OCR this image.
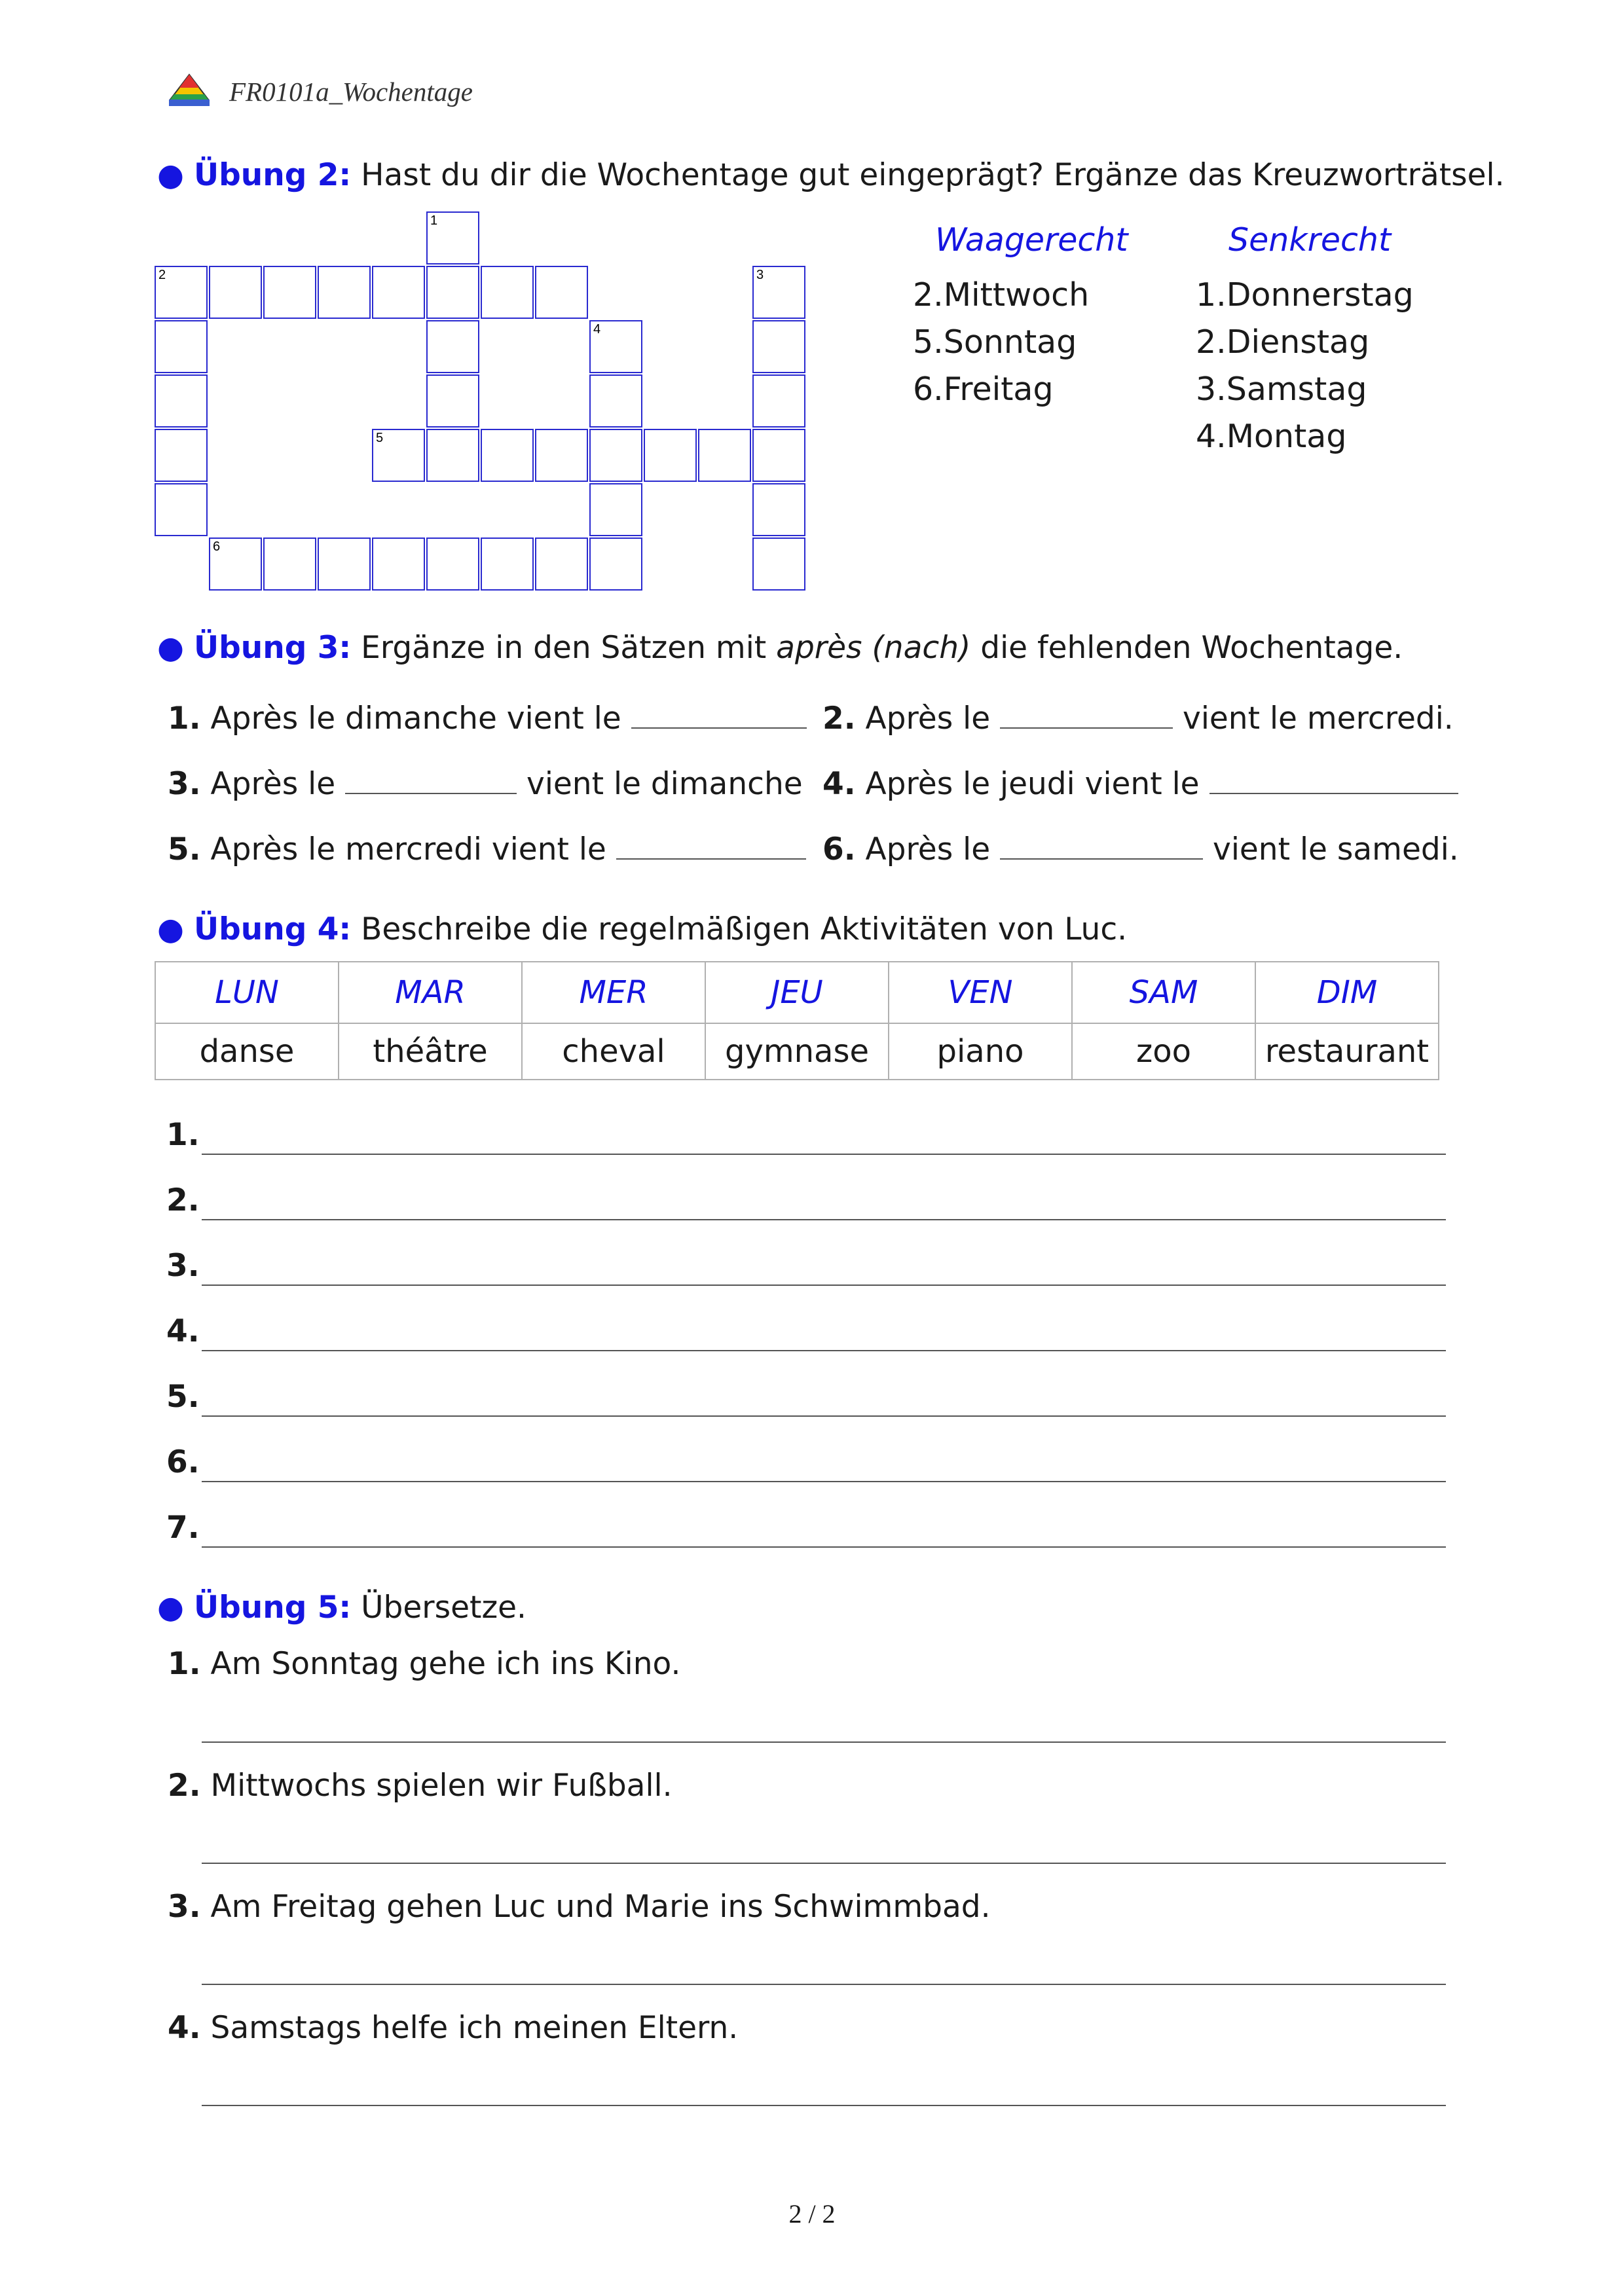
FR0101a_Wochentage
● Übung 2: Hast du dir die Wochentage gut eingeprägt? Ergänze das Kreuzworträtsel.
2
1
3
4
5
6
Waagerecht	Senkrecht
2.Mittwoch
5.Sonntag
6.Freitag
1.Donnerstag
2.Dienstag
3.Samstag
4.Montag
● Übung 3: Ergänze in den Sätzen mit après (nach) die fehlenden Wochentage.
1. Après le dimanche vient le	2. Après le	vient le mercredi.
3. Après le	vient le dimanche 4. Après le jeudi vient le
5. Après le mercredi vient le	6. Après le	vient le samedi.
● Übung 4: Beschreibe die regelmäßigen Aktivitäten von Luc.
LUN	MAR	MER	JEU	VEN	SAM	DIM
danse	théâtre	cheval	gymnase	piano	zoo	restaurant
1.
2.
3.
4.
5.
6.
7.
● Übung 5: Übersetze.
1. Am Sonntag gehe ich ins Kino.
2. Mittwochs spielen wir Fußball.
3. Am Freitag gehen Luc und Marie ins Schwimmbad.
4. Samstags helfe ich meinen Eltern.
2 / 2
